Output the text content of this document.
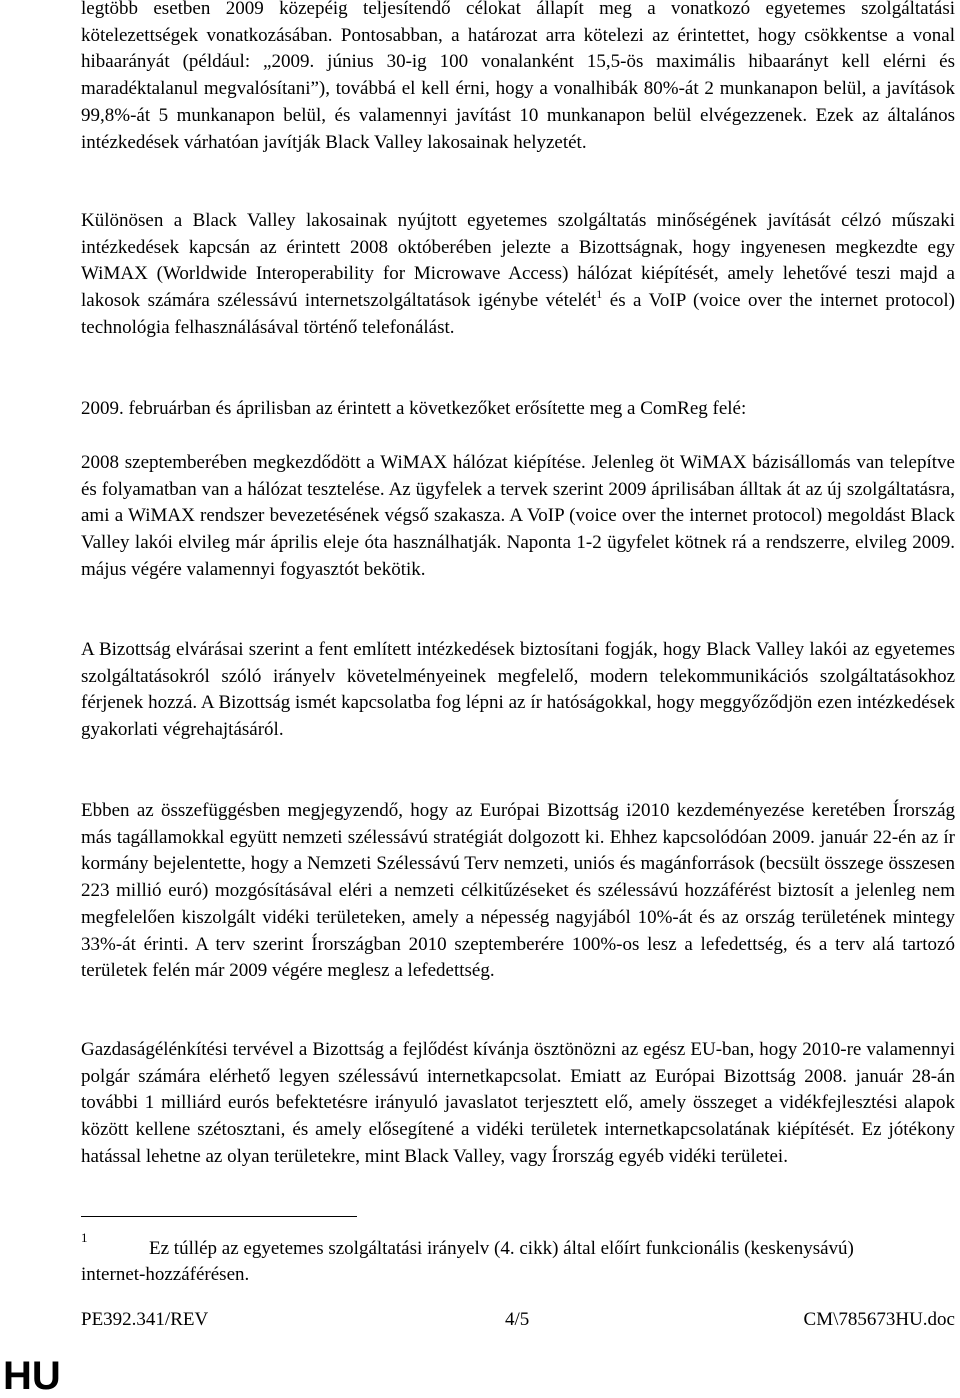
legtöbb esetben 2009 közepéig teljesítendő célokat állapít meg a vonatkozó egyetemes szolgáltatási kötelezettségek vonatkozásában. Pontosabban, a határozat arra kötelezi az érintettet, hogy csökkentse a vonal hibaarányát (például: „2009. június 30-ig 100 vonalanként 15,5-ös maximális hibaarányt kell elérni és maradéktalanul megvalósítani”), továbbá el kell érni, hogy a vonalhibák 80%-át 2 munkanapon belül, a javítások 99,8%-át 5 munkanapon belül, és valamennyi javítást 10 munkanapon belül elvégezzenek. Ezek az általános intézkedések várhatóan javítják Black Valley lakosainak helyzetét.

Különösen a Black Valley lakosainak nyújtott egyetemes szolgáltatás minőségének javítását célzó műszaki intézkedések kapcsán az érintett 2008 októberében jelezte a Bizottságnak, hogy ingyenesen megkezdte egy WiMAX (Worldwide Interoperability for Microwave Access) hálózat kiépítését, amely lehetővé teszi majd a lakosok számára szélessávú internetszolgáltatások igénybe vételét$^1$ és a VoIP (voice over the internet protocol) technológia felhasználásával történő telefonálást.

2009. februárban és áprilisban az érintett a következőket erősítette meg a ComReg felé:

2008 szeptemberében megkezdődött a WiMAX hálózat kiépítése. Jelenleg öt WiMAX bázisállomás van telepítve és folyamatban van a hálózat tesztelése. Az ügyfelek a tervek szerint 2009 áprilisában álltak át az új szolgáltatásra, ami a WiMAX rendszer bevezetésének végső szakasza. A VoIP (voice over the internet protocol) megoldást Black Valley lakói elvileg már április eleje óta használhatják. Naponta 1-2 ügyfelet kötnek rá a rendszerre, elvileg 2009. május végére valamennyi fogyasztót bekötik.

A Bizottság elvárásai szerint a fent említett intézkedések biztosítani fogják, hogy Black Valley lakói az egyetemes szolgáltatásokról szóló irányelv követelményeinek megfelelő, modern telekommunikációs szolgáltatásokhoz férjenek hozzá. A Bizottság ismét kapcsolatba fog lépni az ír hatóságokkal, hogy meggyőződjön ezen intézkedések gyakorlati végrehajtásáról.

Ebben az összefüggésben megjegyzendő, hogy az Európai Bizottság i2010 kezdeményezése keretében Írország más tagállamokkal együtt nemzeti szélessávú stratégiát dolgozott ki. Ehhez kapcsolódóan 2009. január 22-én az ír kormány bejelentette, hogy a Nemzeti Szélessávú Terv nemzeti, uniós és magánforrások (becsült összege összesen 223 millió euró) mozgósításával eléri a nemzeti célkitűzéseket és szélessávú hozzáférést biztosít a jelenleg nem megfelelően kiszolgált vidéki területeken, amely a népesség nagyjából 10%-át és az ország területének mintegy 33%-át érinti. A terv szerint Írországban 2010 szeptemberére 100%-os lesz a lefedettség, és a terv alá tartozó területek felén már 2009 végére meglesz a lefedettség.

Gazdaságélénkítési tervével a Bizottság a fejlődést kívánja ösztönözni az egész EU-ban, hogy 2010-re valamennyi polgár számára elérhető legyen szélessávú internetkapcsolat. Emiatt az Európai Bizottság 2008. január 28-án további 1 milliárd eurós befektetésre irányuló javaslatot terjesztett elő, amely összeget a vidékfejlesztési alapok között kellene szétosztani, és amely elősegítené a vidéki területek internetkapcsolatának kiépítését. Ez jótékony hatással lehetne az olyan területekre, mint Black Valley, vagy Írország egyéb vidéki területei.

1
Ez túllép az egyetemes szolgáltatási irányelv (4. cikk) által előírt funkcionális (keskenysávú) internet-hozzáférésen.
PE392.341/REV	4/5	CM\785673HU.doc
HU
